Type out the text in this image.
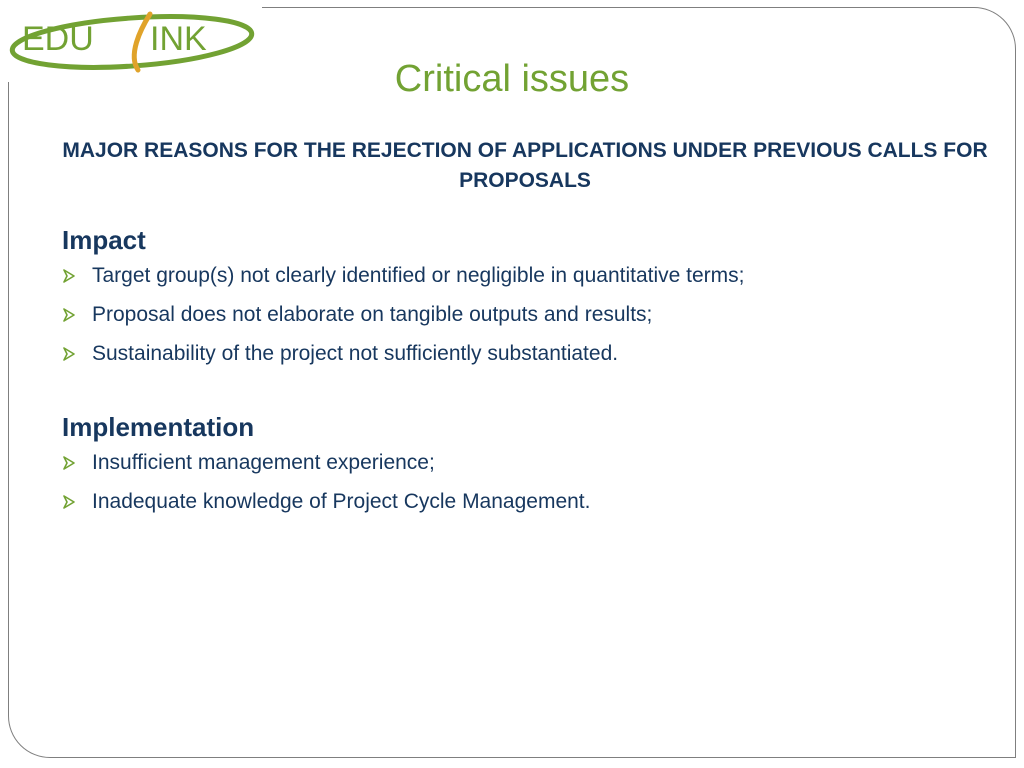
EDU INK
Critical issues
MAJOR REASONS FOR THE REJECTION OF APPLICATIONS UNDER PREVIOUS CALLS FOR PROPOSALS
Impact
Target group(s) not clearly identified or negligible in quantitative terms;
Proposal does not elaborate on tangible outputs and results;
Sustainability of the project not sufficiently substantiated.
Implementation
Insufficient management experience;
Inadequate knowledge of Project Cycle Management.
